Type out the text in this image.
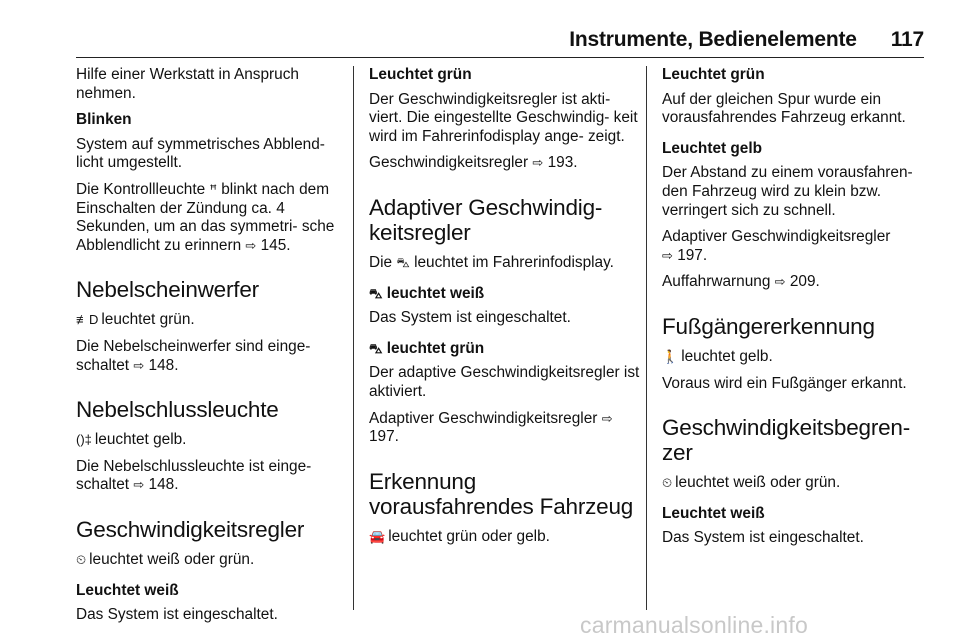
Instrumente, Bedienelemente 117

Hilfe einer Werkstatt in Anspruch nehmen.

Blinken

System auf symmetrisches Abblend- licht umgestellt.

Die Kontrollleuchte ꟸ blinkt nach dem Einschalten der Zündung ca. 4 Sekunden, um an das symmetri- sche Abblendlicht zu erinnern ⇨ 145.

Nebelscheinwerfer

≢D leuchtet grün.

Die Nebelscheinwerfer sind einge- schaltet ⇨ 148.

Nebelschlussleuchte

()‡ leuchtet gelb.

Die Nebelschlussleuchte ist einge- schaltet ⇨ 148.

Geschwindigkeitsregler

⏲ leuchtet weiß oder grün.

Leuchtet weiß

Das System ist eingeschaltet.

Leuchtet grün

Der Geschwindigkeitsregler ist akti- viert. Die eingestellte Geschwindig- keit wird im Fahrerinfodisplay ange- zeigt.

Geschwindigkeitsregler ⇨ 193.

Adaptiver Geschwindig- keitsregler

Die ⛍ leuchtet im Fahrerinfodisplay.

⛍ leuchtet weiß

Das System ist eingeschaltet.

⛍ leuchtet grün

Der adaptive Geschwindigkeitsregler ist aktiviert.

Adaptiver Geschwindigkeitsregler ⇨ 197.

Erkennung vorausfahrendes Fahrzeug

🚘 leuchtet grün oder gelb.

Leuchtet grün

Auf der gleichen Spur wurde ein vorausfahrendes Fahrzeug erkannt.

Leuchtet gelb

Der Abstand zu einem vorausfahren- den Fahrzeug wird zu klein bzw. verringert sich zu schnell.

Adaptiver Geschwindigkeitsregler
⇨ 197.

Auffahrwarnung ⇨ 209.

Fußgängererkennung

🚶 leuchtet gelb.

Voraus wird ein Fußgänger erkannt.

Geschwindigkeitsbegren- zer

⏲ leuchtet weiß oder grün.

Leuchtet weiß

Das System ist eingeschaltet.

carmanualsonline.info
